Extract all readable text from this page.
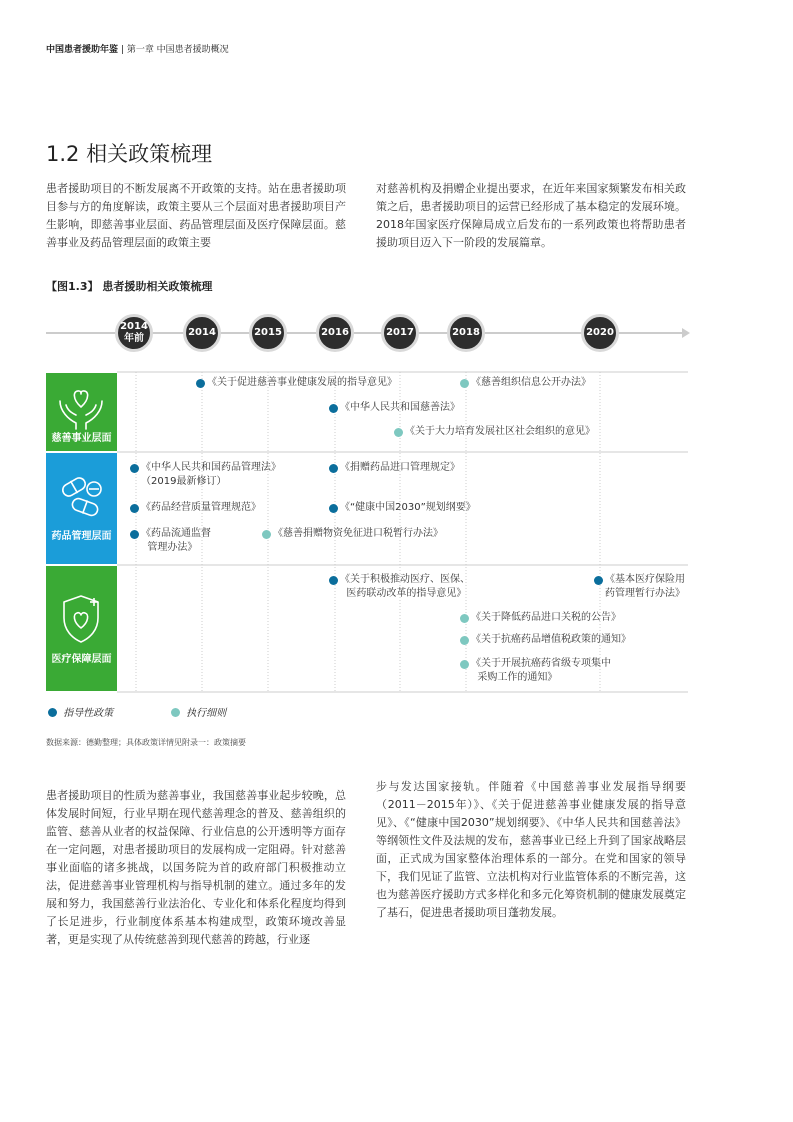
中国患者援助年鉴 | 第一章 中国患者援助概况
1.2 相关政策梳理
患者援助项目的不断发展离不开政策的支持。站在患者援助项目参与方的角度解读，政策主要从三个层面对患者援助项目产生影响，即慈善事业层面、药品管理层面及医疗保障层面。慈善事业及药品管理层面的政策主要
对慈善机构及捐赠企业提出要求，在近年来国家频繁发布相关政策之后，患者援助项目的运营已经形成了基本稳定的发展环境。2018年国家医疗保障局成立后发布的一系列政策也将帮助患者援助项目迈入下一阶段的发展篇章。
【图1.3】 患者援助相关政策梳理
2014年前
2014	2015	2016	2017	2018	2020
慈善事业层面
药品管理层面
医疗保障层面
《关于促进慈善事业健康发展的指导意见》	《慈善组织信息公开办法》
《中华人民共和国慈善法》
《关于大力培育发展社区社会组织的意见》
《中华人民共和国药品管理法》
（2019最新修订）
《捐赠药品进口管理规定》
《药品经营质量管理规范》	《“健康中国2030”规划纲要》
《药品流通监督
管理办法》
《慈善捐赠物资免征进口税暂行办法》
《关于积极推动医疗、医保、
医药联动改革的指导意见》
《基本医疗保险用
药管理暂行办法》
《关于降低药品进口关税的公告》
《关于抗癌药品增值税政策的通知》
《关于开展抗癌药省级专项集中
采购工作的通知》
指导性政策	执行细则
数据来源：德勤整理；具体政策详情见附录一：政策摘要
患者援助项目的性质为慈善事业，我国慈善事业起步较晚，总体发展时间短，行业早期在现代慈善理念的普及、慈善组织的监管、慈善从业者的权益保障、行业信息的公开透明等方面存在一定问题，对患者援助项目的发展构成一定阻碍。针对慈善事业面临的诸多挑战，以国务院为首的政府部门积极推动立法，促进慈善事业管理机构与指导机制的建立。通过多年的发展和努力，我国慈善行业法治化、专业化和体系化程度均得到了长足进步，行业制度体系基本构建成型，政策环境改善显著，更是实现了从传统慈善到现代慈善的跨越，行业逐
步与发达国家接轨。伴随着《中国慈善事业发展指导纲要（2011－2015年）》、《关于促进慈善事业健康发展的指导意见》、《“健康中国2030”规划纲要》、《中华人民共和国慈善法》等纲领性文件及法规的发布，慈善事业已经上升到了国家战略层面，正式成为国家整体治理体系的一部分。在党和国家的领导下，我们见证了监管、立法机构对行业监管体系的不断完善，这也为慈善医疗援助方式多样化和多元化筹资机制的健康发展奠定了基石，促进患者援助项目蓬勃发展。
